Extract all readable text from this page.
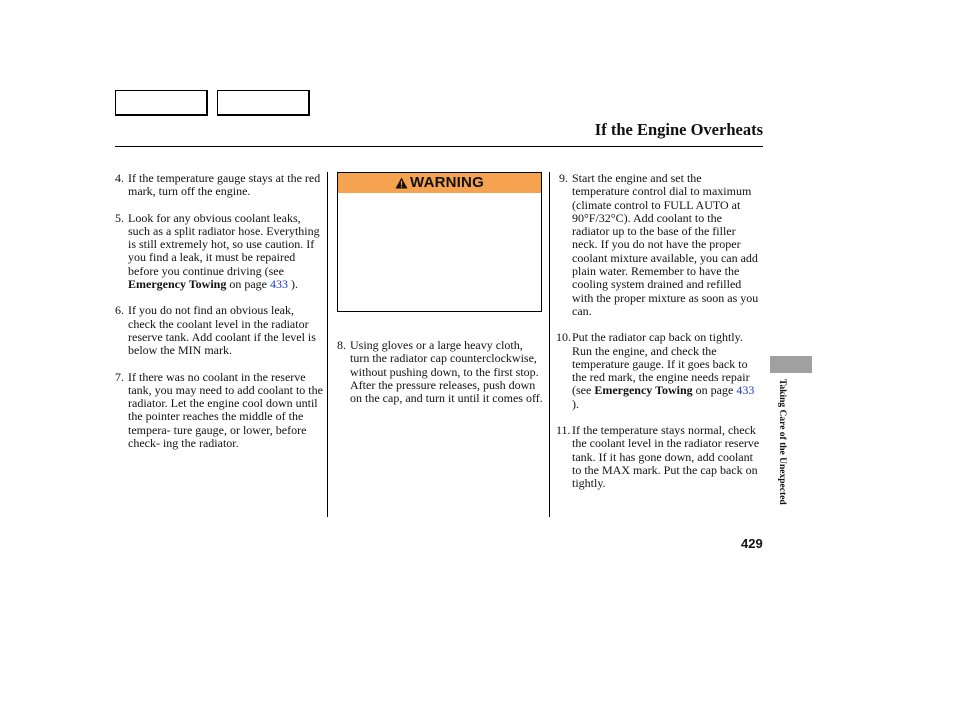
If the Engine Overheats
4. If the temperature gauge stays at the red mark, turn off the engine.
5. Look for any obvious coolant leaks, such as a split radiator hose. Everything is still extremely hot, so use caution. If you find a leak, it must be repaired before you continue driving (see Emergency Towing on page 433 ).
6. If you do not find an obvious leak, check the coolant level in the radiator reserve tank. Add coolant if the level is below the MIN mark.
7. If there was no coolant in the reserve tank, you may need to add coolant to the radiator. Let the engine cool down until the pointer reaches the middle of the tempera- ture gauge, or lower, before check- ing the radiator.
WARNING
8. Using gloves or a large heavy cloth, turn the radiator cap counterclockwise, without pushing down, to the first stop. After the pressure releases, push down on the cap, and turn it until it comes off.
9. Start the engine and set the temperature control dial to maximum (climate control to FULL AUTO at 90°F/32°C). Add coolant to the radiator up to the base of the filler neck. If you do not have the proper coolant mixture available, you can add plain water. Remember to have the cooling system drained and refilled with the proper mixture as soon as you can.
10. Put the radiator cap back on tightly. Run the engine, and check the temperature gauge. If it goes back to the red mark, the engine needs repair (see Emergency Towing on page 433 ).
11. If the temperature stays normal, check the coolant level in the radiator reserve tank. If it has gone down, add coolant to the MAX mark. Put the cap back on tightly.	Taking Care of the Unexpected
429
